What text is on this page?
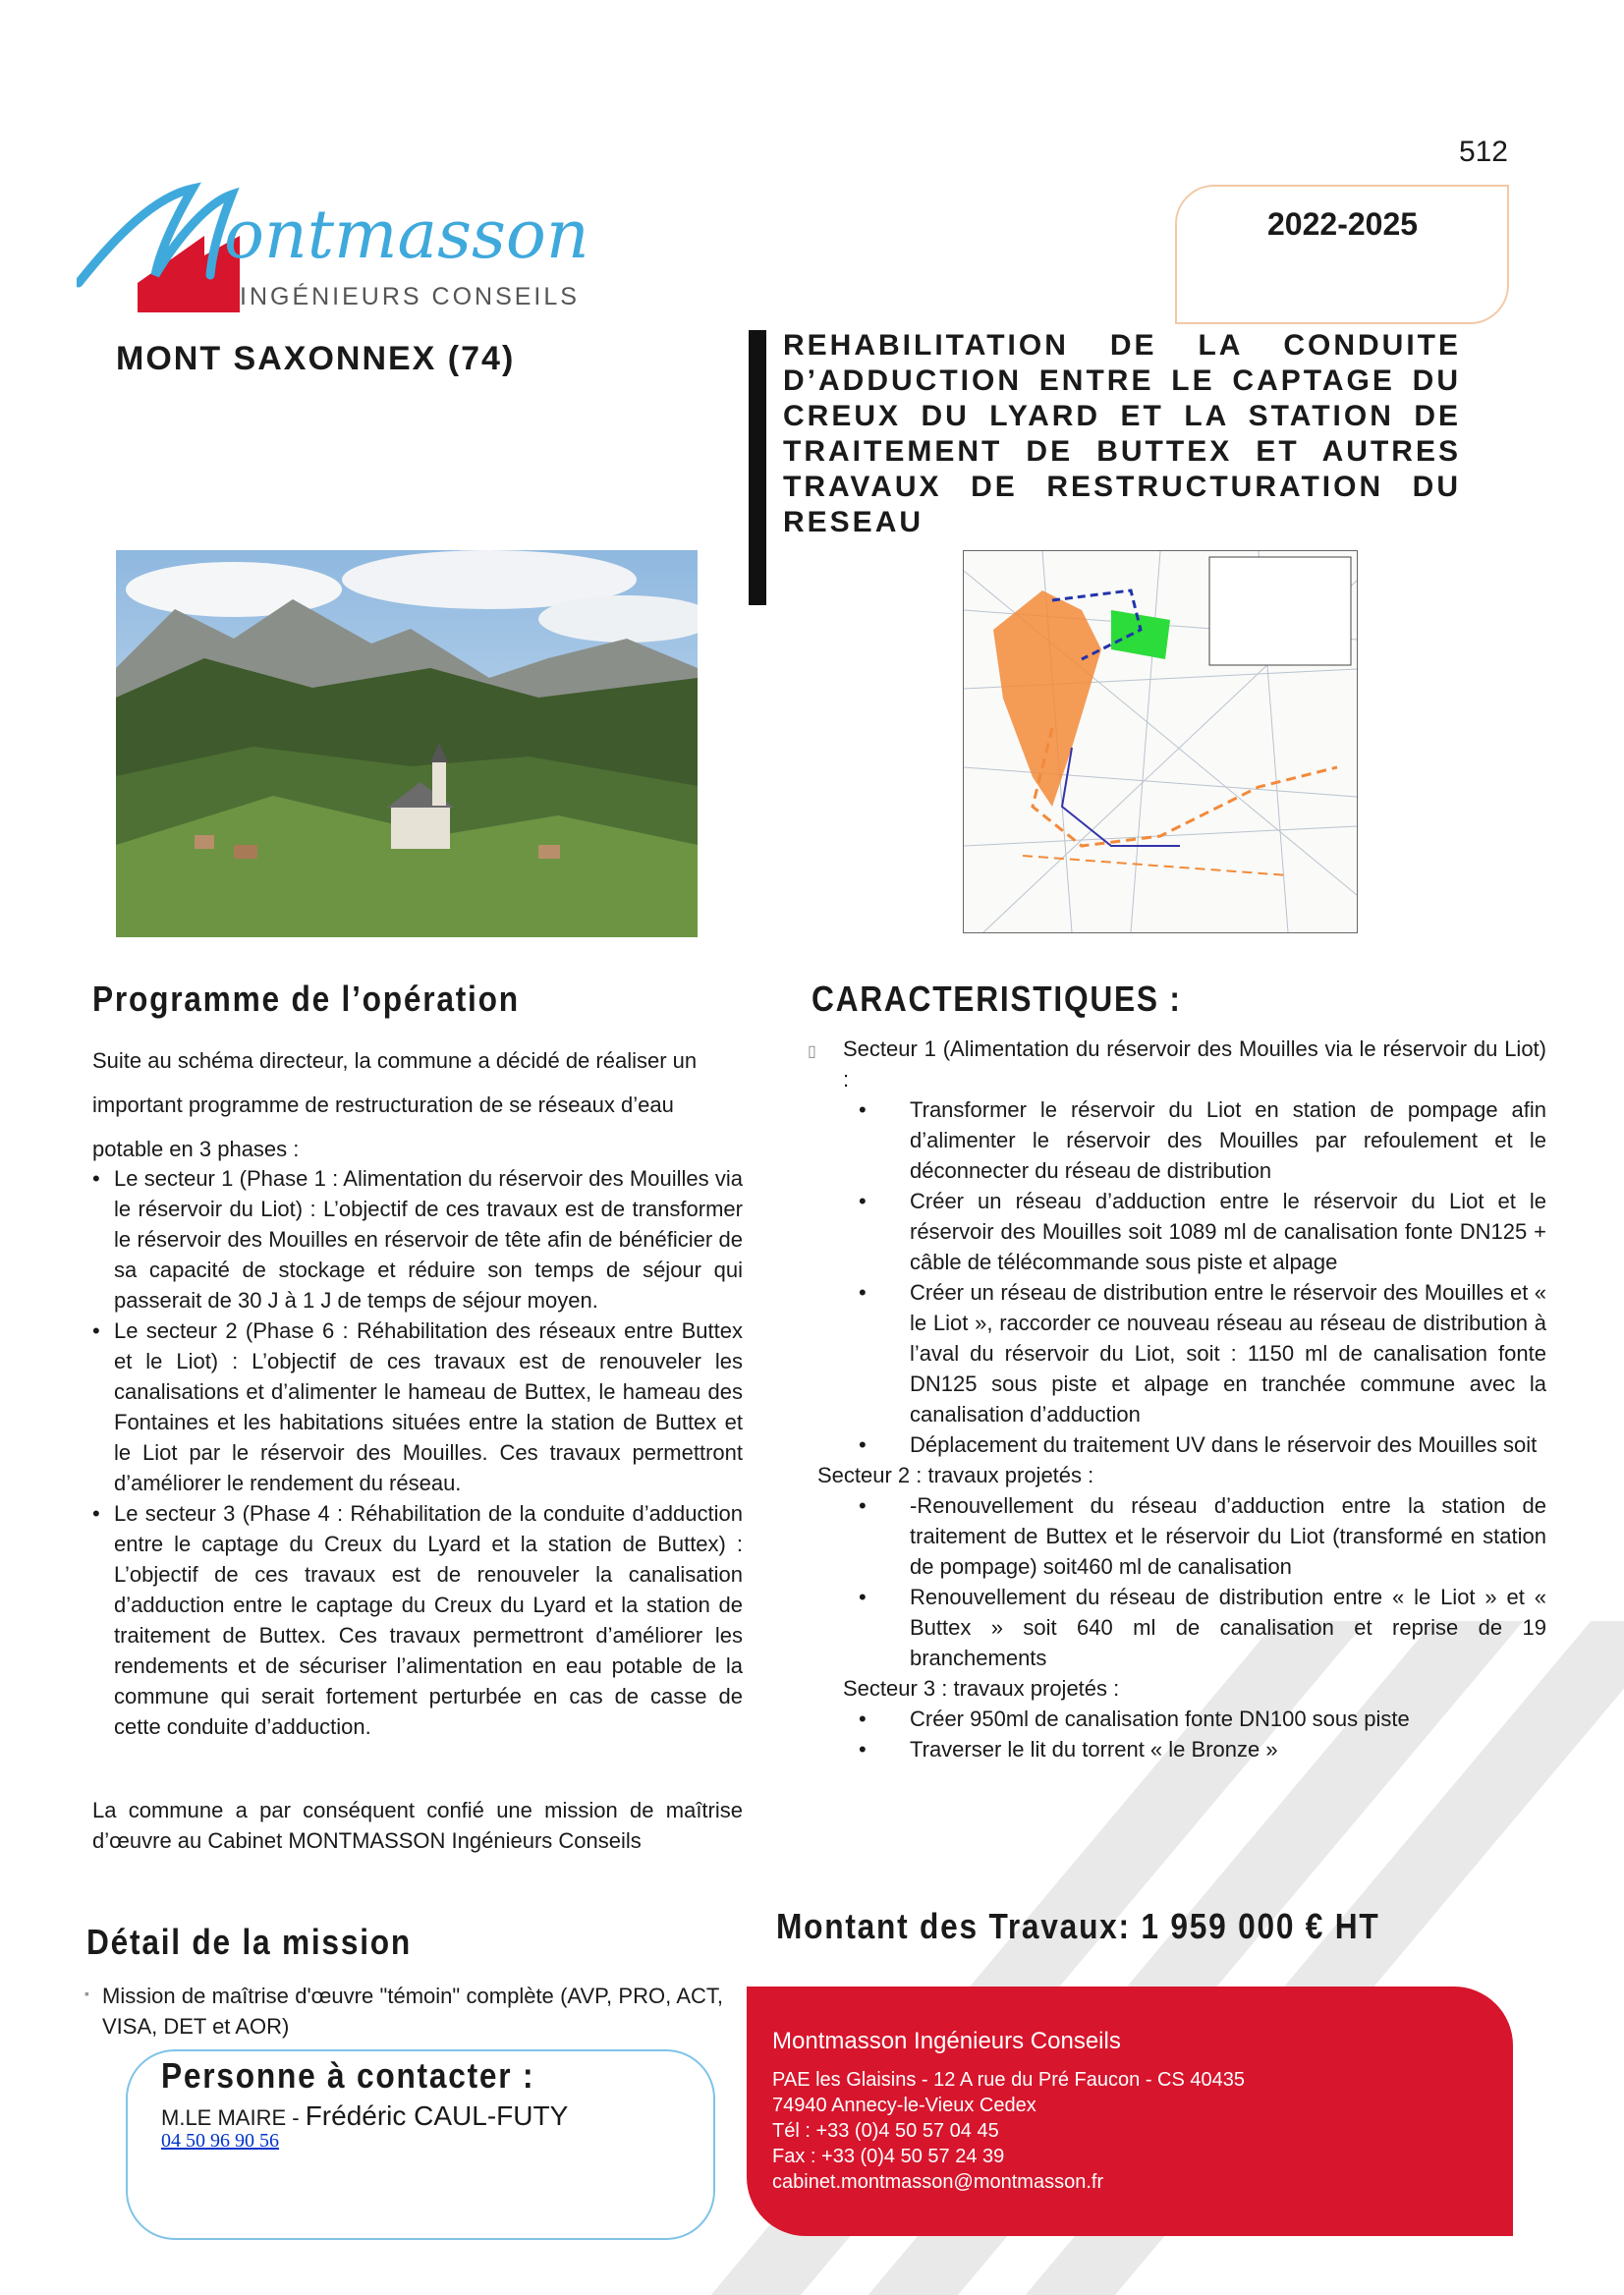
512
ontmasson
INGÉNIEURS CONSEILS
2022-2025
MONT SAXONNEX (74)	REHABILITATION DE LA CONDUITE D’ADDUCTION ENTRE LE CAPTAGE DU CREUX DU LYARD ET LA STATION DE TRAITEMENT DE BUTTEX ET AUTRES TRAVAUX DE RESTRUCTURATION DU RESEAU
Programme de l’opération
Suite au schéma directeur, la commune a décidé de réaliser un important programme de restructuration de se réseaux d’eau potable en 3 phases :
• Le secteur 1 (Phase 1 : Alimentation du réservoir des Mouilles via le réservoir du Liot) : L’objectif de ces travaux est de transformer le réservoir des Mouilles en réservoir de tête afin de bénéficier de sa capacité de stockage et réduire son temps de séjour qui passerait de 30 J à 1 J de temps de séjour moyen.
• Le secteur 2 (Phase 6 : Réhabilitation des réseaux entre Buttex et le Liot) : L’objectif de ces travaux est de renouveler les canalisations et d’alimenter le hameau de Buttex, le hameau des Fontaines et les habitations situées entre la station de Buttex et le Liot par le réservoir des Mouilles. Ces travaux permettront d’améliorer le rendement du réseau.
• Le secteur 3 (Phase 4 : Réhabilitation de la conduite d’adduction entre le captage du Creux du Lyard et la station de Buttex) : L’objectif de ces travaux est de renouveler la canalisation d’adduction entre le captage du Creux du Lyard et la station de traitement de Buttex. Ces travaux permettront d’améliorer les rendements et de sécuriser l’alimentation en eau potable de la commune qui serait fortement perturbée en cas de casse de cette conduite d’adduction.
La commune a par conséquent confié une mission de maîtrise d’œuvre au Cabinet MONTMASSON Ingénieurs Conseils
CARACTERISTIQUES :
▯ Secteur 1 (Alimentation du réservoir des Mouilles via le réservoir du Liot) :
• Transformer le réservoir du Liot en station de pompage afin d’alimenter le réservoir des Mouilles par refoulement et le déconnecter du réseau de distribution
• Créer un réseau d’adduction entre le réservoir du Liot et le réservoir des Mouilles soit 1089 ml de canalisation fonte DN125 + câble de télécommande sous piste et alpage
• Créer un réseau de distribution entre le réservoir des Mouilles et « le Liot », raccorder ce nouveau réseau au réseau de distribution à l’aval du réservoir du Liot, soit : 1150 ml de canalisation fonte DN125 sous piste et alpage en tranchée commune avec la canalisation d’adduction
• Déplacement du traitement UV dans le réservoir des Mouilles soit
Secteur 2 : travaux projetés :
• -Renouvellement du réseau d’adduction entre la station de traitement de Buttex et le réservoir du Liot (transformé en station de pompage) soit460 ml de canalisation
• Renouvellement du réseau de distribution entre « le Liot » et « Buttex » soit 640 ml de canalisation et reprise de 19 branchements
Secteur 3 : travaux projetés :
• Créer 950ml de canalisation fonte DN100 sous piste
• Traverser le lit du torrent « le Bronze »
Détail de la mission
▪ Mission de maîtrise d'œuvre "témoin" complète (AVP, PRO, ACT, VISA, DET et AOR)
Personne à contacter :
M.LE MAIRE - Frédéric CAUL-FUTY
04 50 96 90 56
Montant des Travaux: 1 959 000 € HT
Montmasson Ingénieurs Conseils
PAE les Glaisins - 12 A rue du Pré Faucon - CS 40435
74940 Annecy-le-Vieux Cedex
Tél : +33 (0)4 50 57 04 45
Fax : +33 (0)4 50 57 24 39
cabinet.montmasson@montmasson.fr
